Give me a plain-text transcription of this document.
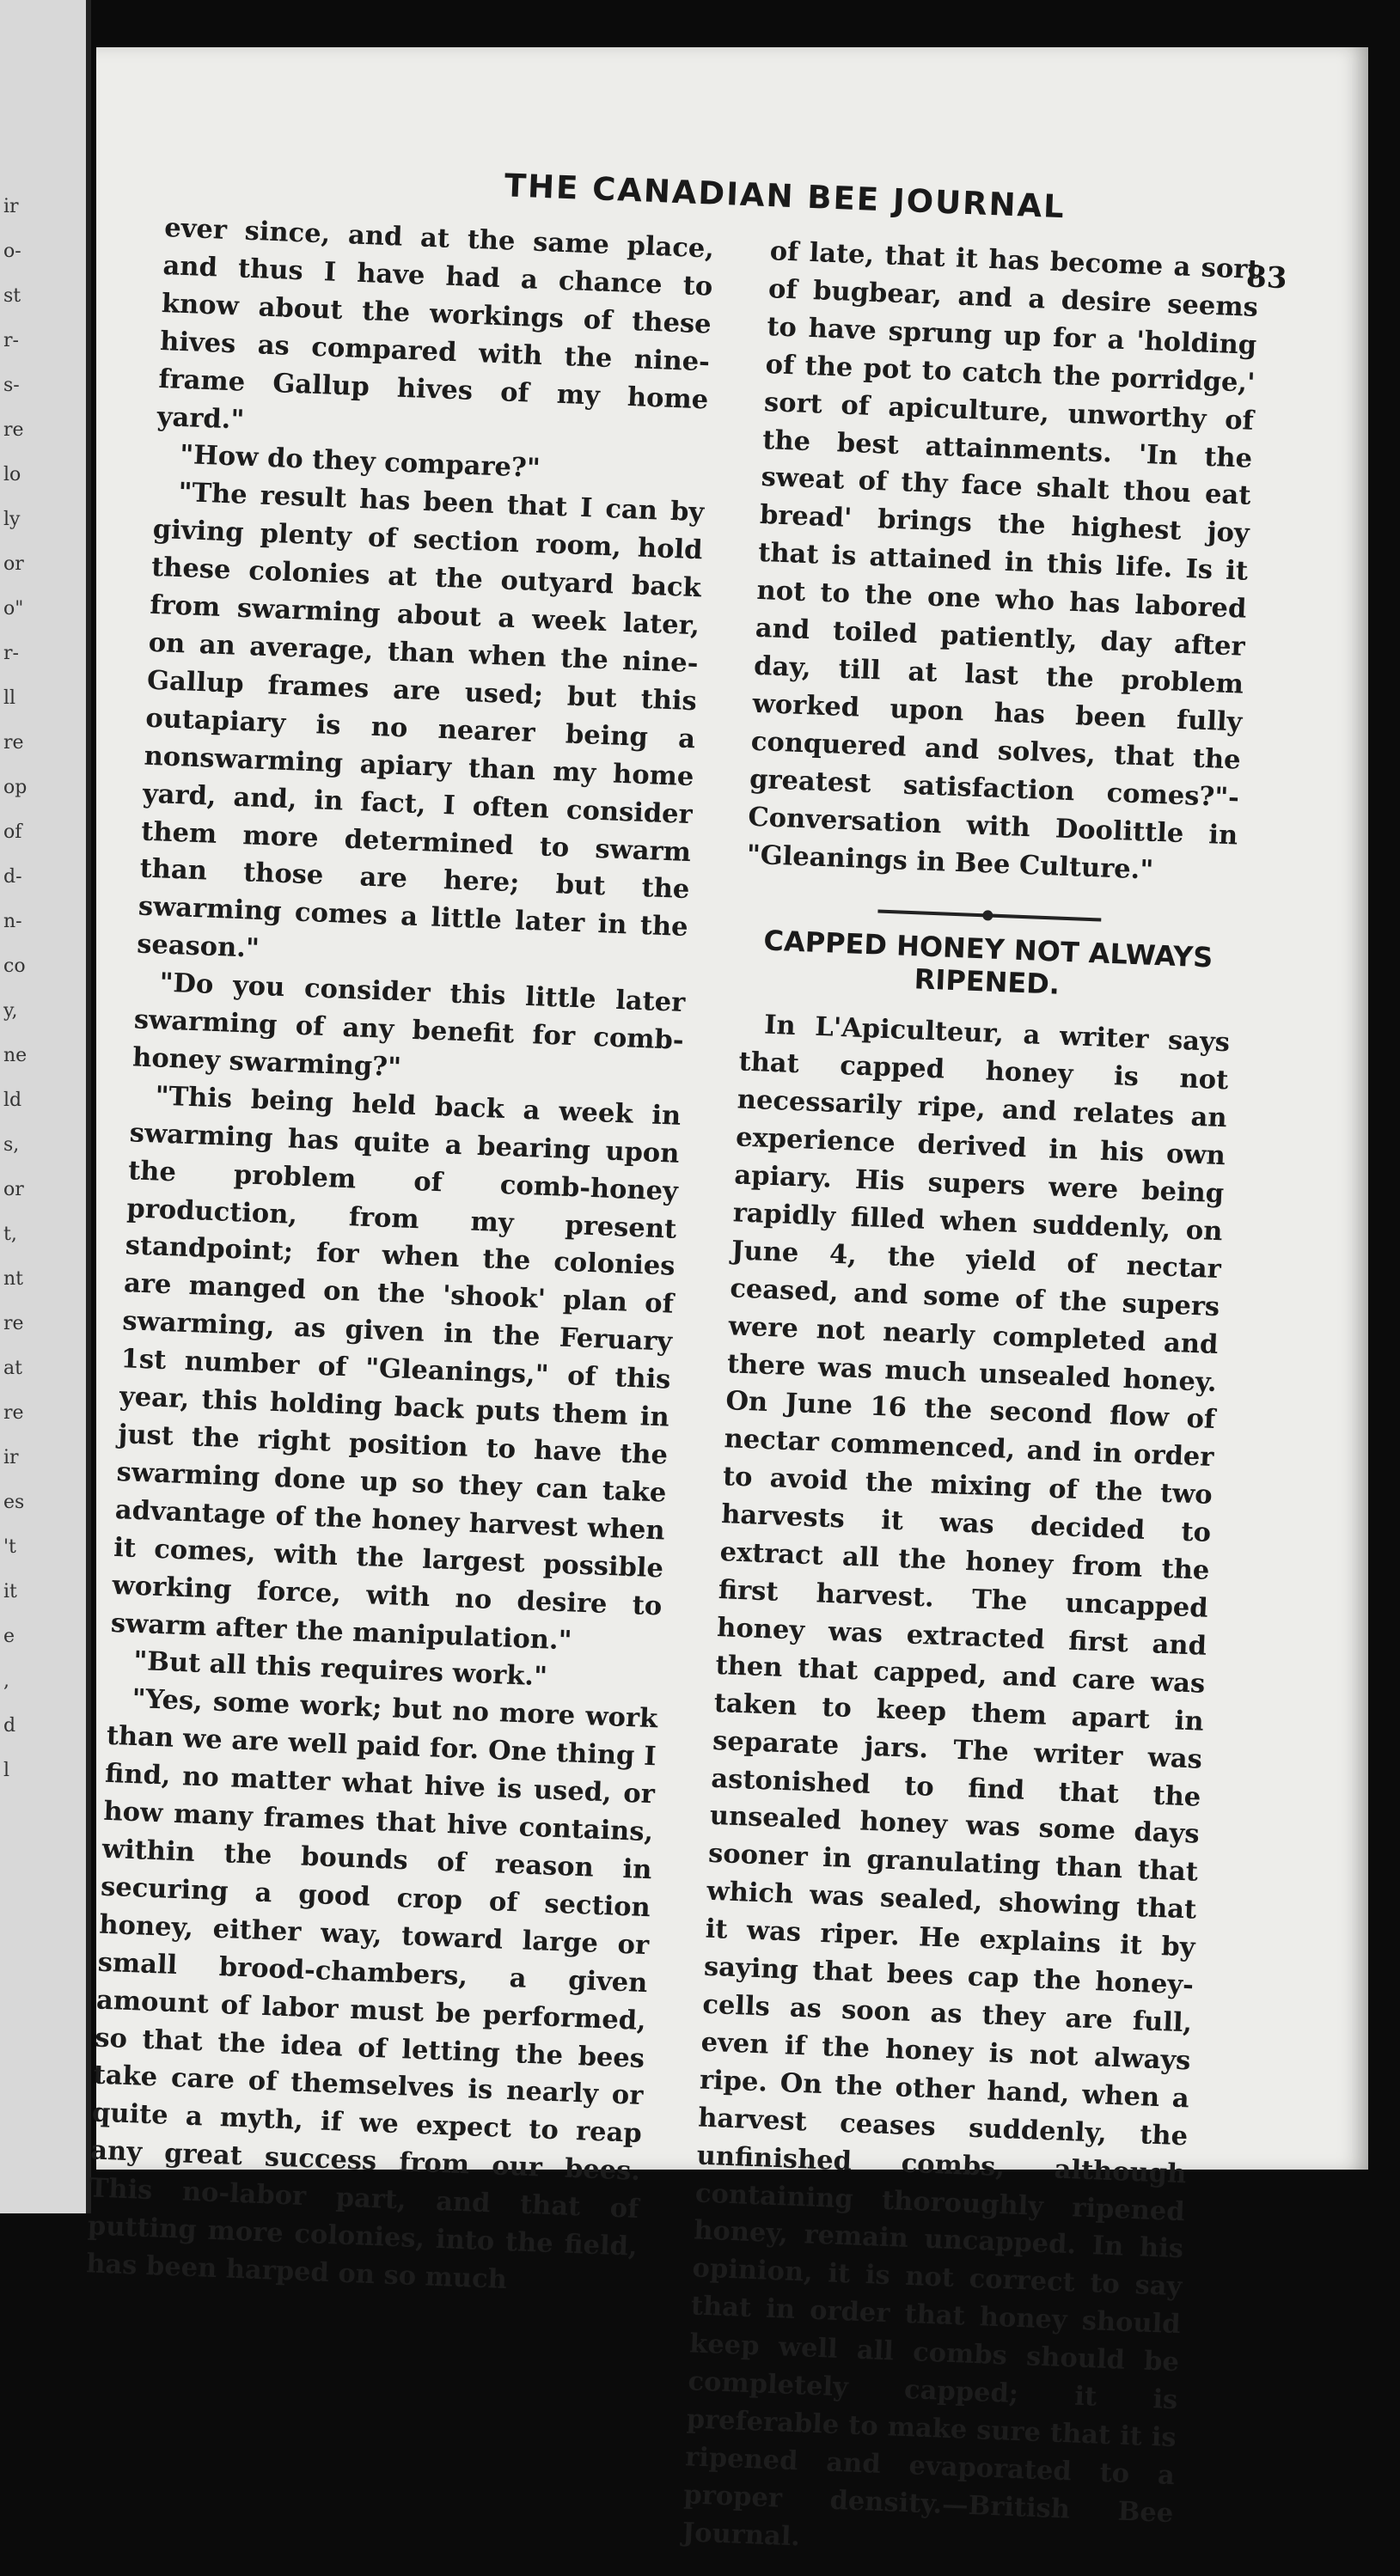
ir
o-
st
r-
s-
re
lo
ly
or
o"
r-
ll
re
op
of
d-
n-
co
y,
ne
ld
s,
or
t,
nt
re
at
re
ir
es
't
it
e
,
d
l
THE CANADIAN BEE JOURNAL
83

ever since, and at the same place, and thus I have had a chance to know about the workings of these hives as compared with the nine-frame Gallup hives of my home yard."

"How do they compare?"

"The result has been that I can by giving plenty of section room, hold these colonies at the outyard back from swarming about a week later, on an average, than when the nine-Gallup frames are used; but this outapiary is no nearer being a nonswarming apiary than my home yard, and, in fact, I often consider them more determined to swarm than those are here; but the swarming comes a little later in the season."

"Do you consider this little later swarming of any benefit for comb-honey swarming?"

"This being held back a week in swarming has quite a bearing upon the problem of comb-honey production, from my present standpoint; for when the colonies are manged on the 'shook' plan of swarming, as given in the Feruary 1st number of "Gleanings," of this year, this holding back puts them in just the right position to have the swarming done up so they can take advantage of the honey harvest when it comes, with the largest possible working force, with no desire to swarm after the manipulation."

"But all this requires work."

"Yes, some work; but no more work than we are well paid for. One thing I find, no matter what hive is used, or how many frames that hive contains, within the bounds of reason in securing a good crop of section honey, either way, toward large or small brood-chambers, a given amount of labor must be performed, so that the idea of letting the bees take care of themselves is nearly or quite a myth, if we expect to reap any great success from our bees. This no-labor part, and that of putting more colonies, into the field, has been harped on so much

of late, that it has become a sort of bugbear, and a desire seems to have sprung up for a 'holding of the pot to catch the porridge,' sort of apiculture, unworthy of the best attainments. 'In the sweat of thy face shalt thou eat bread' brings the highest joy that is attained in this life. Is it not to the one who has labored and toiled patiently, day after day, till at last the problem worked upon has been fully conquered and solves, that the greatest satisfaction comes?"-Conversation with Doolittle in "Gleanings in Bee Culture."

CAPPED HONEY NOT ALWAYS RIPENED.

In L'Apiculteur, a writer says that capped honey is not necessarily ripe, and relates an experience derived in his own apiary. His supers were being rapidly filled when suddenly, on June 4, the yield of nectar ceased, and some of the supers were not nearly completed and there was much unsealed honey. On June 16 the second flow of nectar commenced, and in order to avoid the mixing of the two harvests it was decided to extract all the honey from the first harvest. The uncapped honey was extracted first and then that capped, and care was taken to keep them apart in separate jars. The writer was astonished to find that the unsealed honey was some days sooner in granulating than that which was sealed, showing that it was riper. He explains it by saying that bees cap the honey-cells as soon as they are full, even if the honey is not always ripe. On the other hand, when a harvest ceases suddenly, the unfinished combs, although containing thoroughly ripened honey, remain uncapped. In his opinion, it is not correct to say that in order that honey should keep well all combs should be completely capped; it is preferable to make sure that it is ripened and evaporated to a proper density.—British Bee Journal.
